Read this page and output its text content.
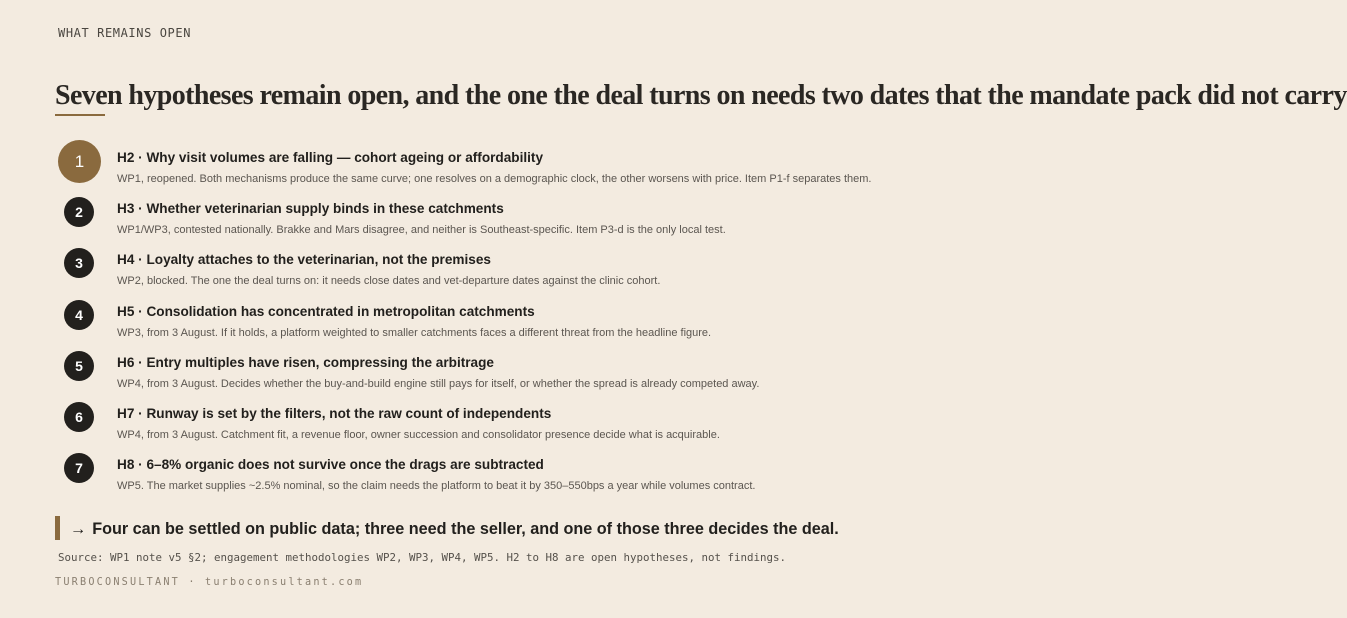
WHAT REMAINS OPEN
Seven hypotheses remain open, and the one the deal turns on needs two dates that the mandate pack did not carry
1	H2 · Why visit volumes are falling — cohort ageing or affordability
WP1, reopened. Both mechanisms produce the same curve; one resolves on a demographic clock, the other worsens with price. Item P1-f separates them.
2	H3 · Whether veterinarian supply binds in these catchments
WP1/WP3, contested nationally. Brakke and Mars disagree, and neither is Southeast-specific. Item P3-d is the only local test.
3	H4 · Loyalty attaches to the veterinarian, not the premises
WP2, blocked. The one the deal turns on: it needs close dates and vet-departure dates against the clinic cohort.
4	H5 · Consolidation has concentrated in metropolitan catchments
WP3, from 3 August. If it holds, a platform weighted to smaller catchments faces a different threat from the headline figure.
5	H6 · Entry multiples have risen, compressing the arbitrage
WP4, from 3 August. Decides whether the buy-and-build engine still pays for itself, or whether the spread is already competed away.
6	H7 · Runway is set by the filters, not the raw count of independents
WP4, from 3 August. Catchment fit, a revenue floor, owner succession and consolidator presence decide what is acquirable.
7	H8 · 6–8% organic does not survive once the drags are subtracted
WP5. The market supplies ~2.5% nominal, so the claim needs the platform to beat it by 350–550bps a year while volumes contract.
→ Four can be settled on public data; three need the seller, and one of those three decides the deal.
Source: WP1 note v5 §2; engagement methodologies WP2, WP3, WP4, WP5. H2 to H8 are open hypotheses, not findings.
TURBOCONSULTANT · turboconsultant.com
